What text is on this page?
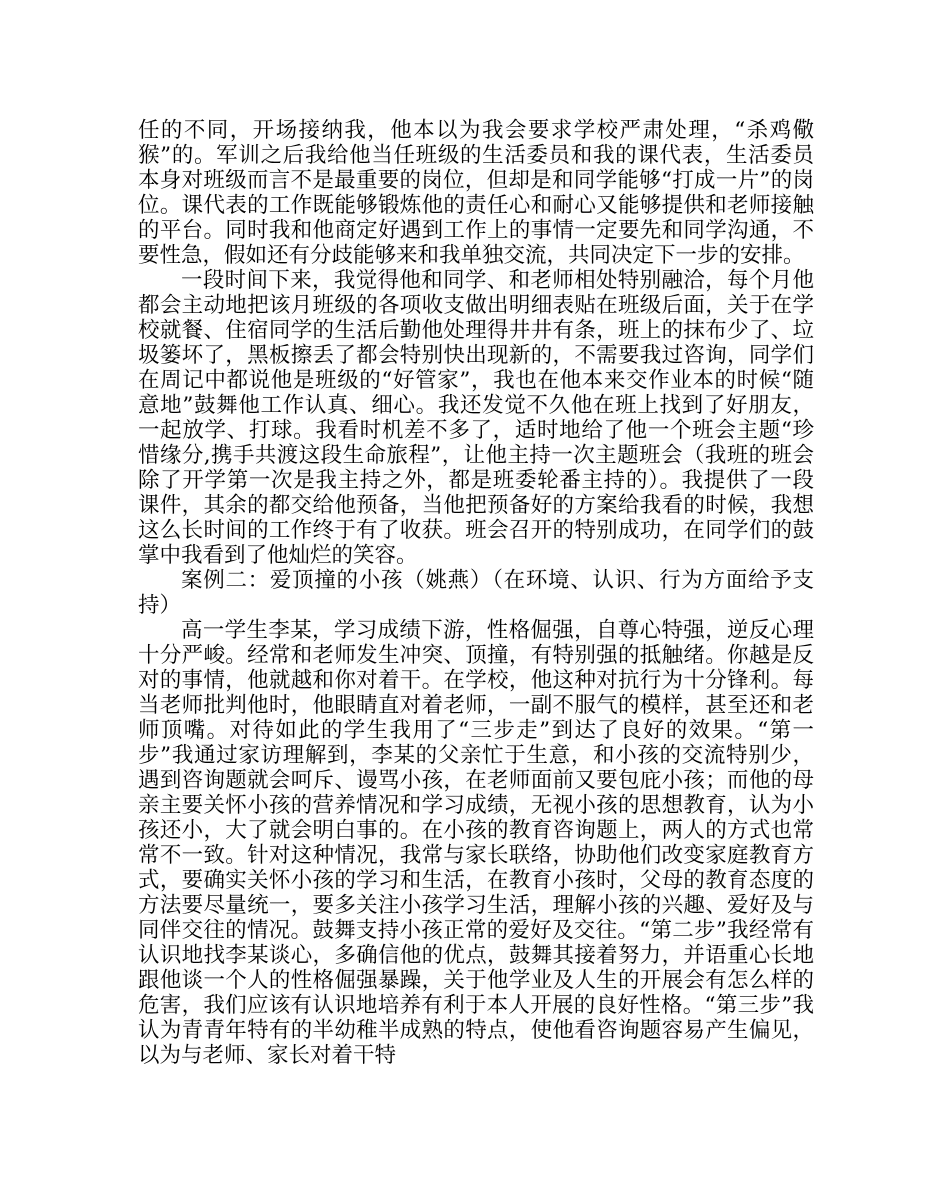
任的不同，开场接纳我，他本以为我会要求学校严肃处理，“杀鸡儆猴”的。军训之后我给他当任班级的生活委员和我的课代表，生活委员本身对班级而言不是最重要的岗位，但却是和同学能够“打成一片”的岗位。课代表的工作既能够锻炼他的责任心和耐心又能够提供和老师接触的平台。同时我和他商定好遇到工作上的事情一定要先和同学沟通，不要性急，假如还有分歧能够来和我单独交流，共同决定下一步的安排。

一段时间下来，我觉得他和同学、和老师相处特别融洽，每个月他都会主动地把该月班级的各项收支做出明细表贴在班级后面，关于在学校就餐、住宿同学的生活后勤他处理得井井有条，班上的抹布少了、垃圾篓坏了，黑板擦丢了都会特别快出现新的，不需要我过咨询，同学们在周记中都说他是班级的“好管家”，我也在他本来交作业本的时候“随意地”鼓舞他工作认真、细心。我还发觉不久他在班上找到了好朋友，一起放学、打球。我看时机差不多了，适时地给了他一个班会主题“珍惜缘分,携手共渡这段生命旅程”，让他主持一次主题班会（我班的班会除了开学第一次是我主持之外，都是班委轮番主持的）。我提供了一段课件，其余的都交给他预备，当他把预备好的方案给我看的时候，我想这么长时间的工作终于有了收获。班会召开的特别成功，在同学们的鼓掌中我看到了他灿烂的笑容。

案例二：爱顶撞的小孩（姚燕）（在环境、认识、行为方面给予支持）

高一学生李某，学习成绩下游，性格倔强，自尊心特强，逆反心理十分严峻。经常和老师发生冲突、顶撞，有特别强的抵触绪。你越是反对的事情，他就越和你对着干。在学校，他这种对抗行为十分锋利。每当老师批判他时，他眼睛直对着老师，一副不服气的模样，甚至还和老师顶嘴。对待如此的学生我用了“三步走”到达了良好的效果。“第一步”我通过家访理解到，李某的父亲忙于生意，和小孩的交流特别少，遇到咨询题就会呵斥、谩骂小孩，在老师面前又要包庇小孩；而他的母亲主要关怀小孩的营养情况和学习成绩，无视小孩的思想教育，认为小孩还小，大了就会明白事的。在小孩的教育咨询题上，两人的方式也常常不一致。针对这种情况，我常与家长联络，协助他们改变家庭教育方式，要确实关怀小孩的学习和生活，在教育小孩时，父母的教育态度的方法要尽量统一，要多关注小孩学习生活，理解小孩的兴趣、爱好及与同伴交往的情况。鼓舞支持小孩正常的爱好及交往。“第二步”我经常有认识地找李某谈心，多确信他的优点，鼓舞其接着努力，并语重心长地跟他谈一个人的性格倔强暴躁，关于他学业及人生的开展会有怎么样的危害，我们应该有认识地培养有利于本人开展的良好性格。“第三步”我认为青青年特有的半幼稚半成熟的特点，使他看咨询题容易产生偏见，以为与老师、家长对着干特
